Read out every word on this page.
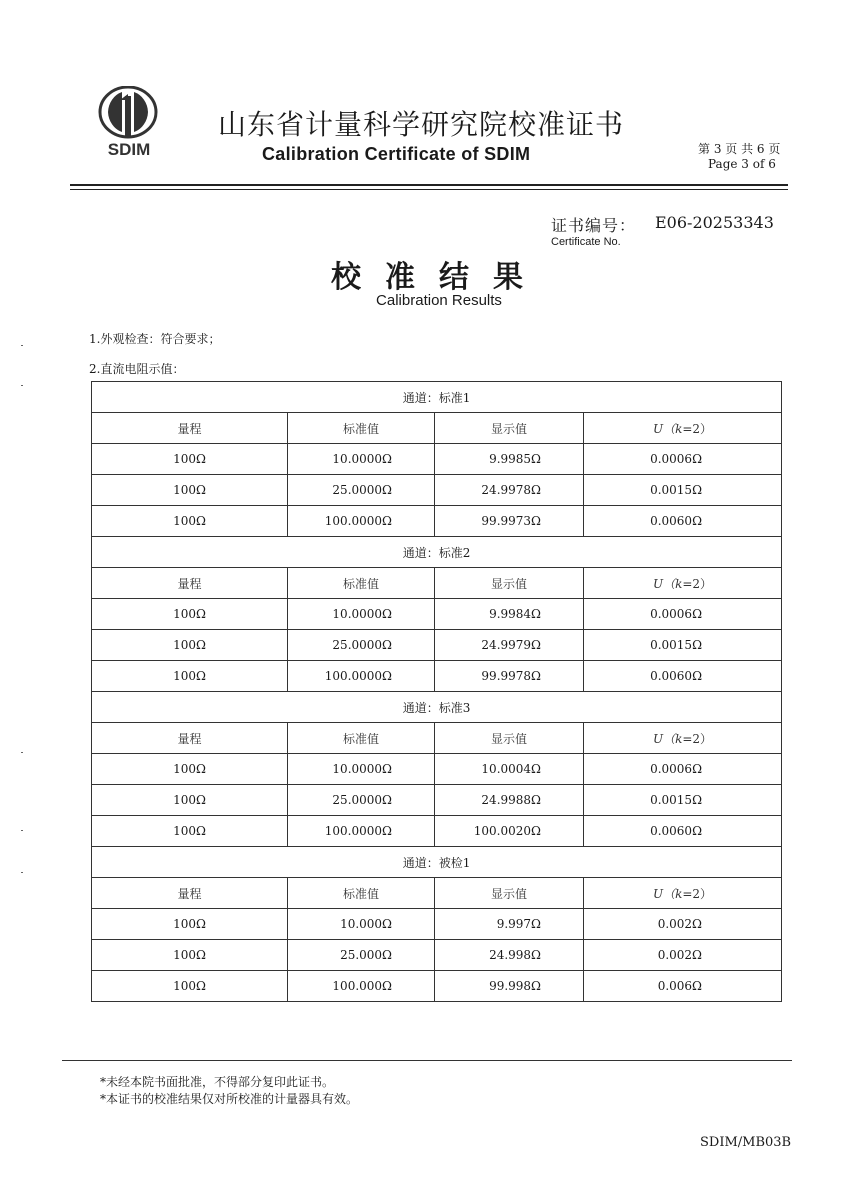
SDIM
山东省计量科学研究院校准证书
Calibration Certificate of SDIM	第 3 页 共 6 页
Page 3 of 6
证书编号： E06-20253343
Certificate No.
校准结果
Calibration Results
1.外观检查：符合要求；
2.直流电阻示值：
通道：标准1			
量程	标准值	显示值	U（k=2）
100Ω	10.0000Ω	9.9985Ω	0.0006Ω
100Ω	25.0000Ω	24.9978Ω	0.0015Ω
100Ω	100.0000Ω	99.9973Ω	0.0060Ω
通道：标准2			
量程	标准值	显示值	U（k=2）
100Ω	10.0000Ω	9.9984Ω	0.0006Ω
100Ω	25.0000Ω	24.9979Ω	0.0015Ω
100Ω	100.0000Ω	99.9978Ω	0.0060Ω
通道：标准3			
量程	标准值	显示值	U（k=2）
100Ω	10.0000Ω	10.0004Ω	0.0006Ω
100Ω	25.0000Ω	24.9988Ω	0.0015Ω
100Ω	100.0000Ω	100.0020Ω	0.0060Ω
通道：被检1			
量程	标准值	显示值	U（k=2）
100Ω	10.000Ω	9.997Ω	0.002Ω
100Ω	25.000Ω	24.998Ω	0.002Ω
100Ω	100.000Ω	99.998Ω	0.006Ω
*未经本院书面批准，不得部分复印此证书。
*本证书的校准结果仅对所校准的计量器具有效。
SDIM/MB03B
